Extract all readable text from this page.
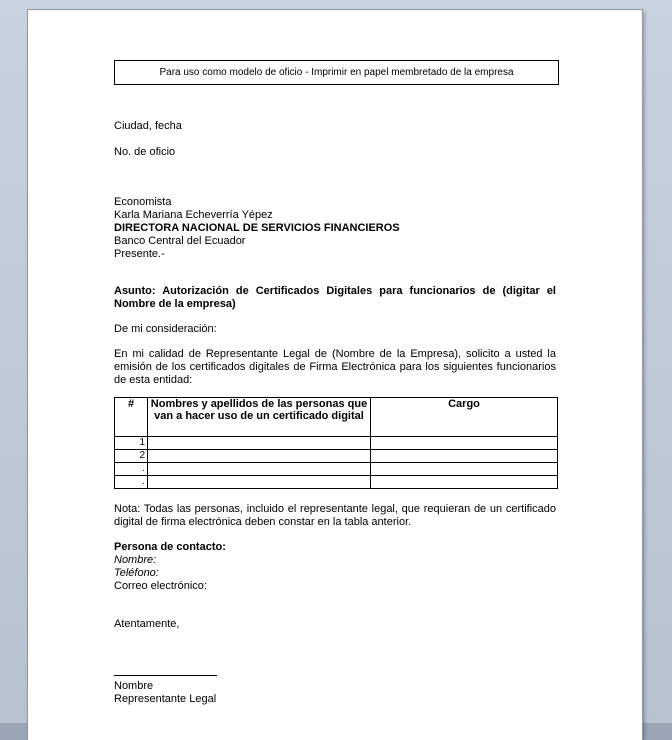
Para uso como modelo de oficio - Imprimir en papel membretado de la empresa
Ciudad, fecha
No. de oficio
Economista
Karla Mariana Echeverría Yépez
DIRECTORA NACIONAL DE SERVICIOS FINANCIEROS
Banco Central del Ecuador
Presente.-
Asunto: Autorización de Certificados Digitales para funcionarios de (digitar el Nombre de la empresa)
De mi consideración:
En mi calidad de Representante Legal de (Nombre de la Empresa), solicito a usted la emisión de los certificados digitales de Firma Electrónica para los siguientes funcionarios de esta entidad:
#	Nombres y apellidos de las personas que van a hacer uso de un certificado digital	Cargo
1		
2		
.		
.		
Nota: Todas las personas, incluido el representante legal, que requieran de un certificado digital de firma electrónica deben constar en la tabla anterior.
Persona de contacto:
Nombre:
Teléfono:
Correo electrónico:
Atentamente,
Nombre
Representante Legal
